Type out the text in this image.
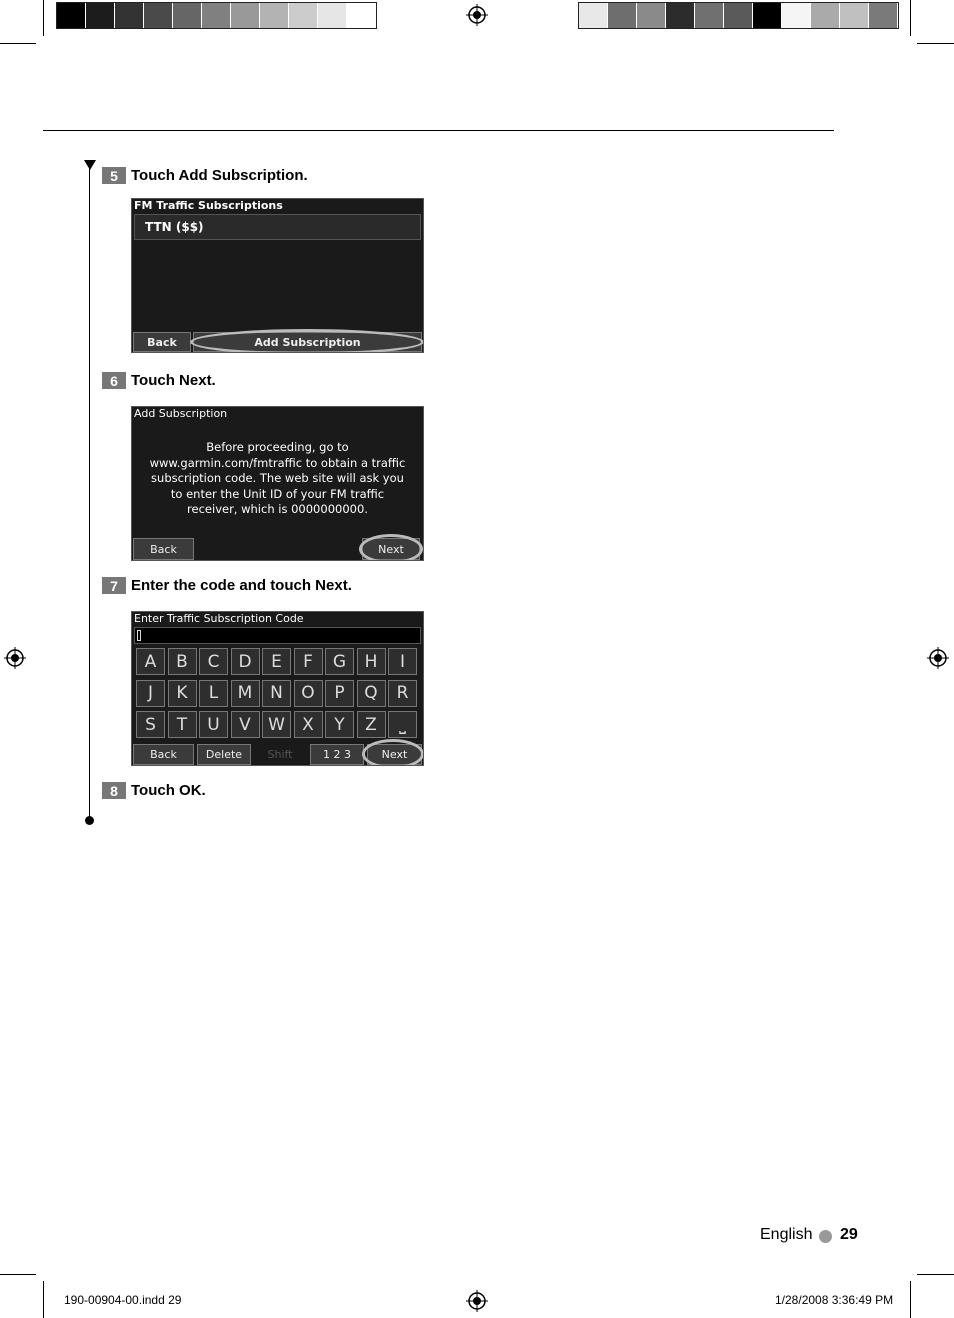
5 Touch Add Subscription.
FM Traffic Subscriptions
TTN ($$)
Back	Add Subscription
6 Touch Next.
Add Subscription
Before proceeding, go to
www.garmin.com/fmtraffic to obtain a traffic
subscription code. The web site will ask you
to enter the Unit ID of your FM traffic
receiver, which is 0000000000.
Back	Next
7 Enter the code and touch Next.
Enter Traffic Subscription Code
A	B	C	D	E	F	G	H	I
J	K	L	M	N	O	P	Q	R
S	T	U	V	W	X	Y	Z	⎵
Back	Delete	Shift	1 2 3	Next
8 Touch OK.
English 29
190-00904-00.indd 29	1/28/2008 3:36:49 PM
